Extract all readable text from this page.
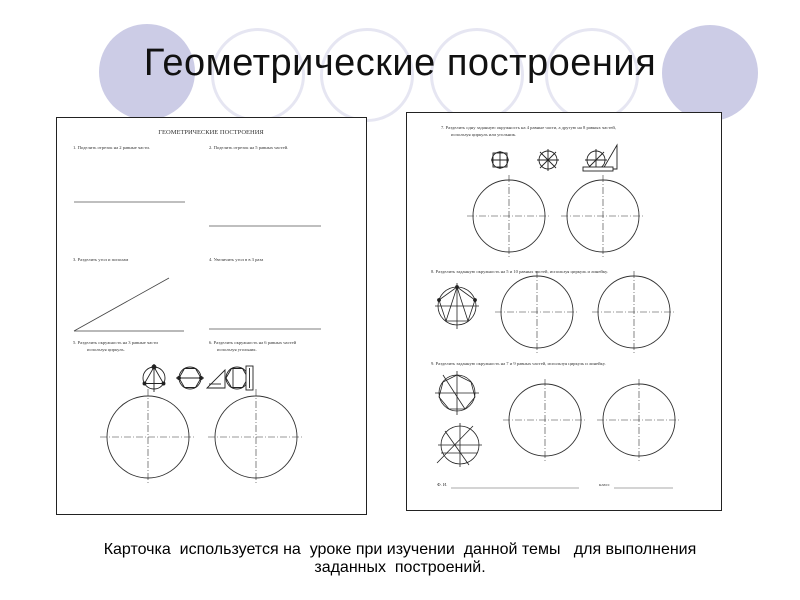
Геометрические построения
ГЕОМЕТРИЧЕСКИЕ ПОСТРОЕНИЯ
1. Поделить отрезок на 2 равные части.	2. Поделить отрезок на 5 равных частей.
3. Разделить угол и пополам	4. Увеличить угол в в 3 раза
5. Разделить окружность на 3 равные части
используя циркуль.
6. Разделить окружность на 6 равных частей
используя угольник.
7. Разделить одну заданную окружность на 4 равные части, а другую на 8 равных частей,
используя циркуль или угольник.
8. Разделить заданную окружность на 5 и 10 равных частей, используя циркуль и линейку.
9. Разделить заданную окружность на 7 и 9 равных частей, используя циркуль и линейку.
Ф. И.	класс
Карточка  используется на  уроке при изучении  данной темы   для выполнения
заданных  построений.
